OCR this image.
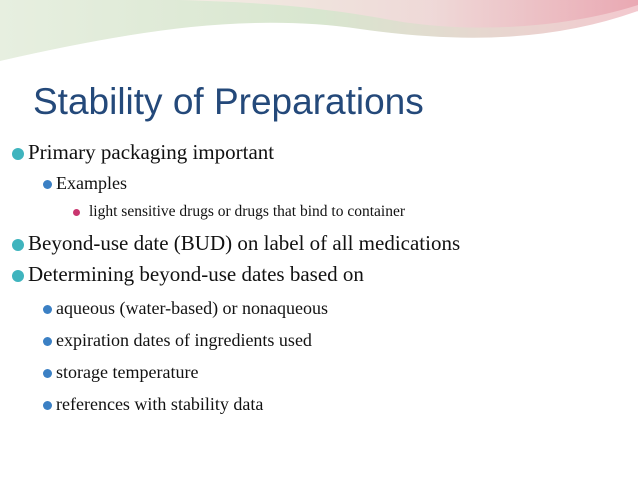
Stability of Preparations
Primary packaging important
Examples
light sensitive drugs or drugs that bind to container
Beyond-use date (BUD) on label of all medications
Determining beyond-use dates based on
aqueous (water-based) or nonaqueous
expiration dates of ingredients used
storage temperature
references with stability data
